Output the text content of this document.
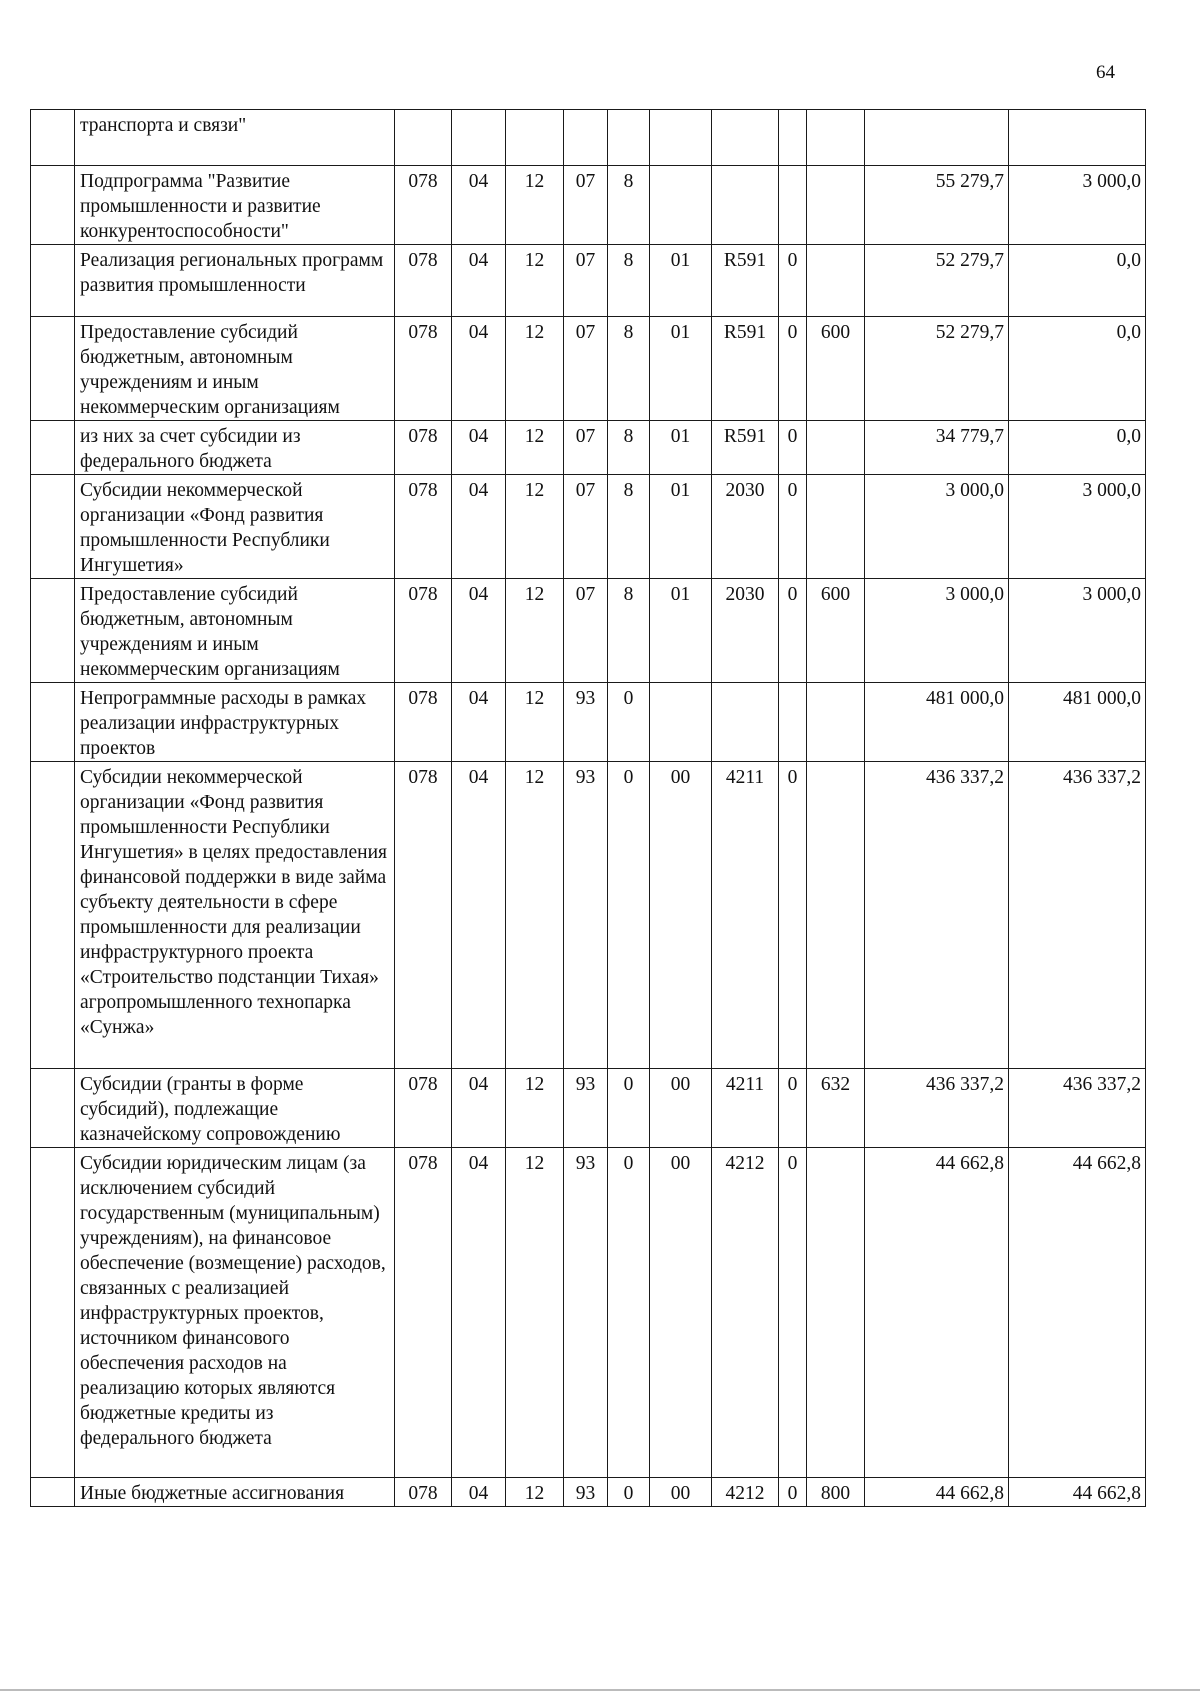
64
	транспорта и связи"											
	Подпрограмма "Развитие промышленности и развитие конкурентоспособности"	078	04	12	07	8					55 279,7	3 000,0
	Реализация региональных программ развития промышленности	078	04	12	07	8	01	R591	0		52 279,7	0,0
	Предоставление субсидий бюджетным, автономным учреждениям и иным некоммерческим организациям	078	04	12	07	8	01	R591	0	600	52 279,7	0,0
	из них за счет субсидии из федерального бюджета	078	04	12	07	8	01	R591	0		34 779,7	0,0
	Субсидии некоммерческой организации «Фонд развития промышленности Республики Ингушетия»	078	04	12	07	8	01	2030	0		3 000,0	3 000,0
	Предоставление субсидий бюджетным, автономным учреждениям и иным некоммерческим организациям	078	04	12	07	8	01	2030	0	600	3 000,0	3 000,0
	Непрограммные расходы в рамках реализации инфраструктурных проектов	078	04	12	93	0					481 000,0	481 000,0
	Субсидии некоммерческой организации «Фонд развития промышленности Республики Ингушетия» в целях предоставления финансовой поддержки в виде займа субъекту деятельности в сфере промышленности для реализации инфраструктурного проекта «Строительство подстанции Тихая» агропромышленного технопарка «Сунжа»	078	04	12	93	0	00	4211	0		436 337,2	436 337,2
	Субсидии (гранты в форме субсидий), подлежащие казначейскому сопровождению	078	04	12	93	0	00	4211	0	632	436 337,2	436 337,2
	Субсидии юридическим лицам (за исключением субсидий государственным (муниципальным) учреждениям), на финансовое обеспечение (возмещение) расходов, связанных с реализацией инфраструктурных проектов, источником финансового обеспечения расходов на реализацию которых являются бюджетные кредиты из федерального бюджета	078	04	12	93	0	00	4212	0		44 662,8	44 662,8
	Иные бюджетные ассигнования	078	04	12	93	0	00	4212	0	800	44 662,8	44 662,8
